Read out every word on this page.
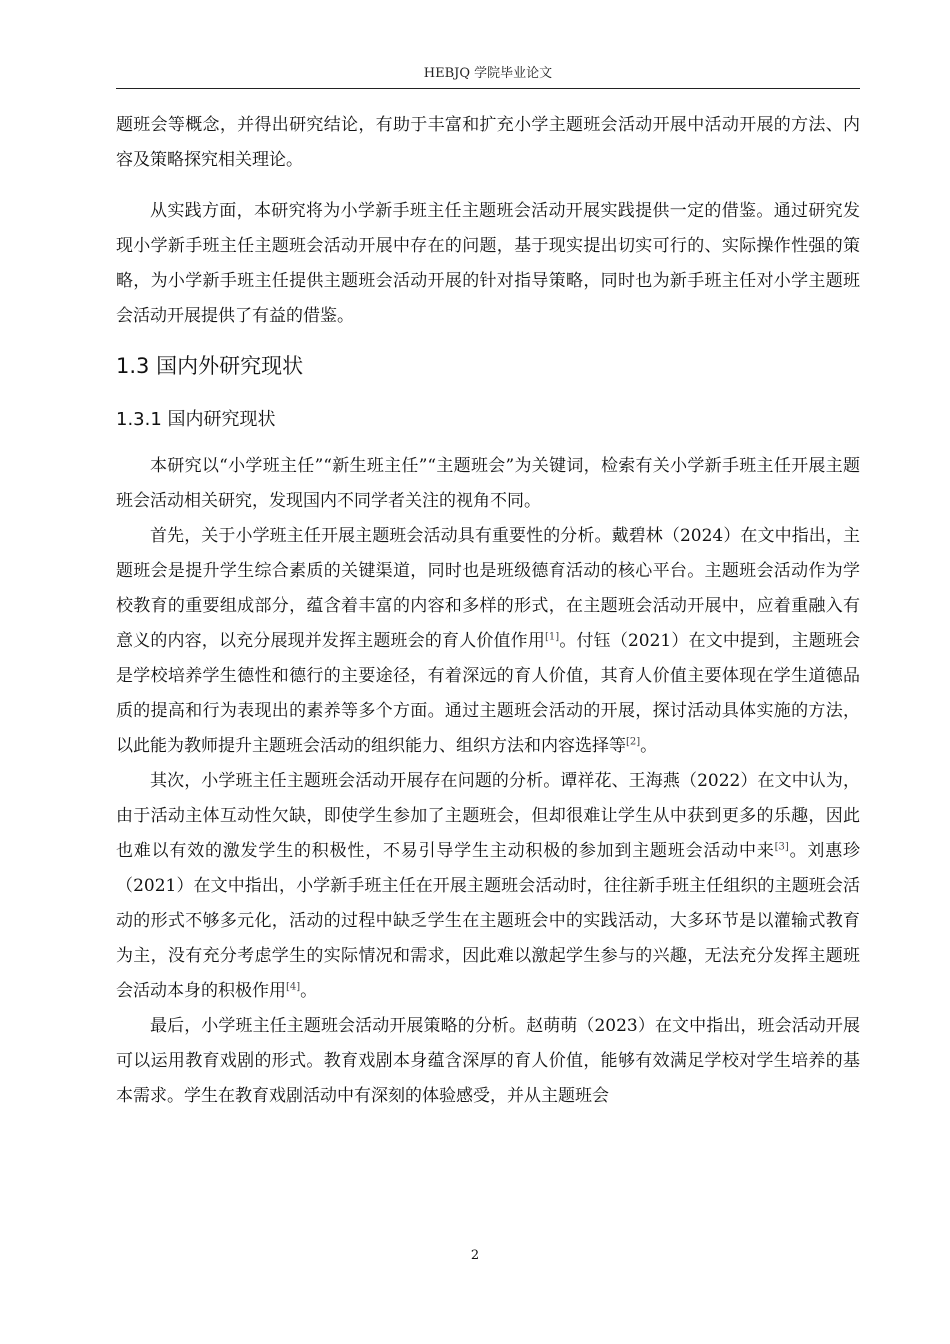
HEBJQ 学院毕业论文

题班会等概念，并得出研究结论，有助于丰富和扩充小学主题班会活动开展中活动开展的方法、内容及策略探究相关理论。

从实践方面，本研究将为小学新手班主任主题班会活动开展实践提供一定的借鉴。通过研究发现小学新手班主任主题班会活动开展中存在的问题，基于现实提出切实可行的、实际操作性强的策略，为小学新手班主任提供主题班会活动开展的针对指导策略，同时也为新手班主任对小学主题班会活动开展提供了有益的借鉴。

1.3 国内外研究现状
1.3.1 国内研究现状

本研究以“小学班主任”“新生班主任”“主题班会”为关键词，检索有关小学新手班主任开展主题班会活动相关研究，发现国内不同学者关注的视角不同。

首先，关于小学班主任开展主题班会活动具有重要性的分析。戴碧林（2024）在文中指出，主题班会是提升学生综合素质的关键渠道，同时也是班级德育活动的核心平台。主题班会活动作为学校教育的重要组成部分，蕴含着丰富的内容和多样的形式，在主题班会活动开展中，应着重融入有意义的内容，以充分展现并发挥主题班会的育人价值作用[1]。付钰（2021）在文中提到，主题班会是学校培养学生德性和德行的主要途径，有着深远的育人价值，其育人价值主要体现在学生道德品质的提高和行为表现出的素养等多个方面。通过主题班会活动的开展，探讨活动具体实施的方法，以此能为教师提升主题班会活动的组织能力、组织方法和内容选择等[2]。

其次，小学班主任主题班会活动开展存在问题的分析。谭祥花、王海燕（2022）在文中认为，由于活动主体互动性欠缺，即使学生参加了主题班会，但却很难让学生从中获到更多的乐趣，因此也难以有效的激发学生的积极性，不易引导学生主动积极的参加到主题班会活动中来[3]。刘惠珍（2021）在文中指出，小学新手班主任在开展主题班会活动时，往往新手班主任组织的主题班会活动的形式不够多元化，活动的过程中缺乏学生在主题班会中的实践活动，大多环节是以灌输式教育为主，没有充分考虑学生的实际情况和需求，因此难以激起学生参与的兴趣，无法充分发挥主题班会活动本身的积极作用[4]。

最后，小学班主任主题班会活动开展策略的分析。赵萌萌（2023）在文中指出，班会活动开展可以运用教育戏剧的形式。教育戏剧本身蕴含深厚的育人价值，能够有效满足学校对学生培养的基本需求。学生在教育戏剧活动中有深刻的体验感受，并从主题班会

2
